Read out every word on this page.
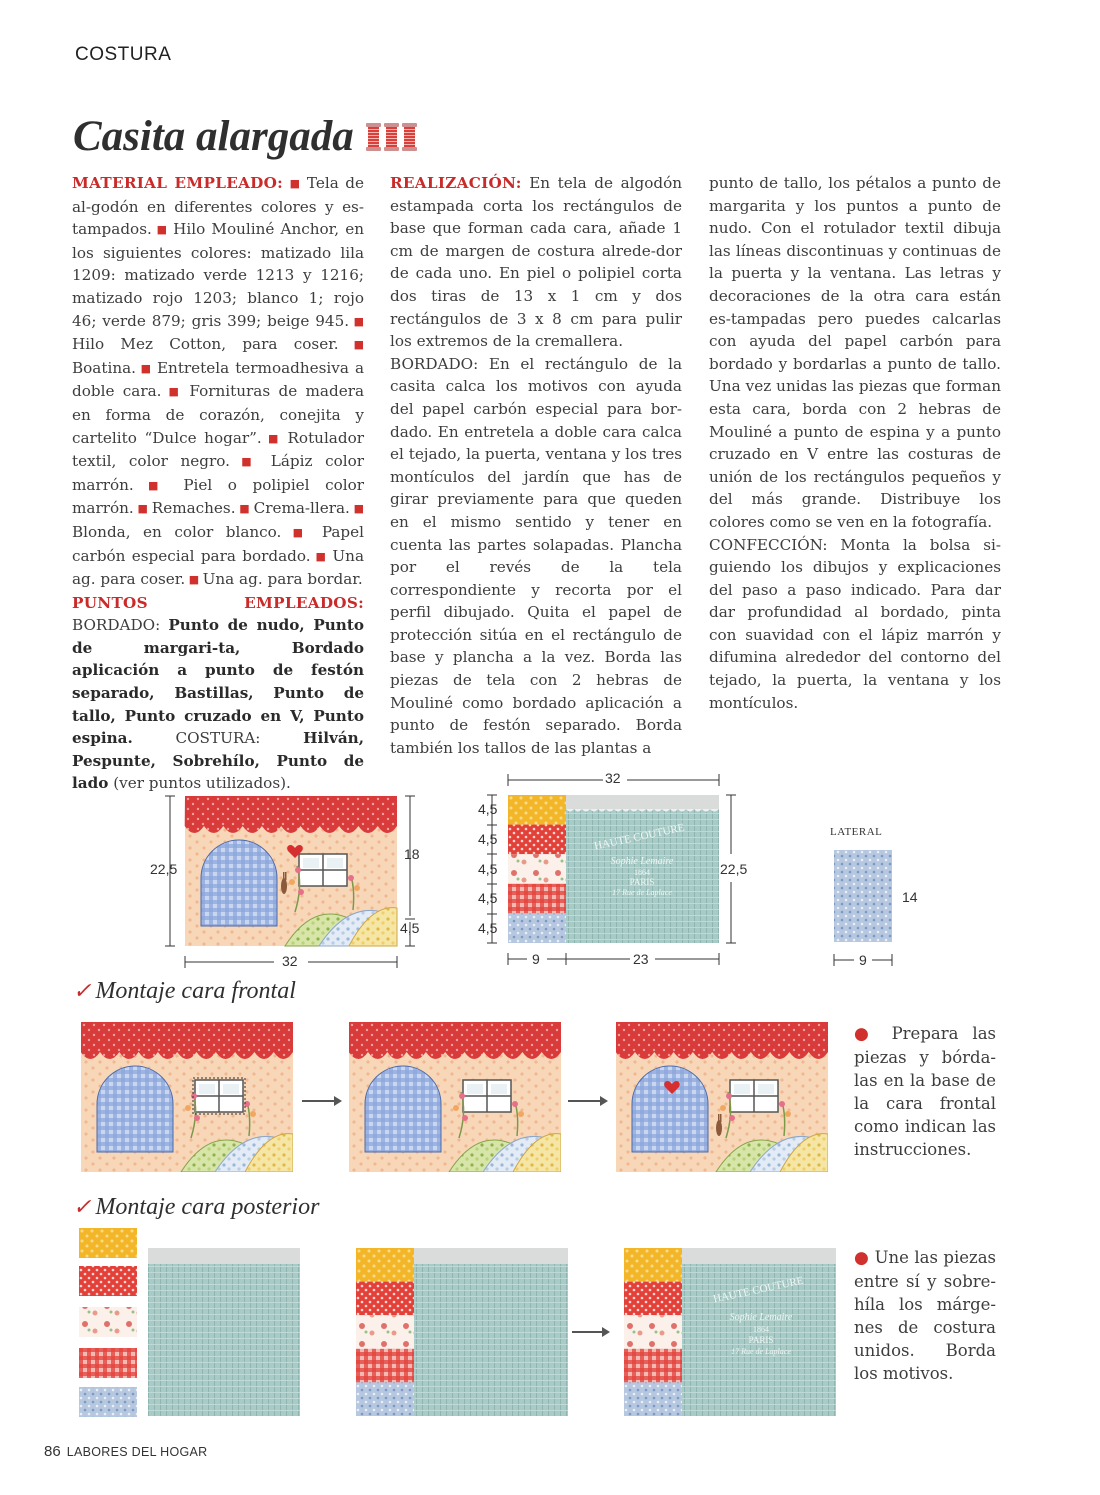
COSTURA
Casita alargada

MATERIAL EMPLEADO: ■ Tela de al-godón en diferentes colores y es-tampados. ■ Hilo Mouliné Anchor, en los siguientes colores: matizado lila 1209: matizado verde 1213 y 1216; matizado rojo 1203; blanco 1; rojo 46; verde 879; gris 399; beige 945. ■ Hilo Mez Cotton, para coser. ■ Boatina. ■ Entretela termoadhesiva a doble cara. ■ Fornituras de madera en forma de corazón, conejita y cartelito “Dulce hogar”. ■ Rotulador textil, color negro. ■ Lápiz color marrón. ■ Piel o polipiel color marrón. ■ Remaches. ■ Crema-llera. ■ Blonda, en color blanco. ■ Papel carbón especial para bordado. ■ Una ag. para coser. ■ Una ag. para bordar.

PUNTOS EMPLEADOS: BORDADO: Punto de nudo, Punto de margari-ta, Bordado aplicación a punto de festón separado, Bastillas, Punto de tallo, Punto cruzado en V, Punto espina.	COSTURA:	Hilván, Pespunte, Sobrehílo, Punto de lado (ver puntos utilizados).

REALIZACIÓN: En tela de algodón estampada corta los rectángulos de base que forman cada cara, añade 1 cm de margen de costura alrede-dor de cada uno. En piel o polipiel corta dos tiras de 13 x 1 cm y dos rectángulos de 3 x 8 cm para pulir los extremos de la cremallera.

BORDADO: En el rectángulo de la casita calca los motivos con ayuda del papel carbón especial para bor-dado. En entretela a doble cara calca el tejado, la puerta, ventana y los tres montículos del jardín que has de girar previamente para que queden en el mismo sentido y tener en cuenta las partes solapadas. Plancha por el revés de la tela correspondiente y recorta por el perfil dibujado. Quita el papel de protección sitúa en el rectángulo de base y plancha a la vez. Borda las piezas de tela con 2 hebras de Mouliné como bordado aplicación a punto de festón separado. Borda también los tallos de las plantas a

punto de tallo, los pétalos a punto de margarita y los puntos a punto de nudo. Con el rotulador textil dibuja las líneas discontinuas y continuas de la puerta y la ventana. Las letras y decoraciones de la otra cara están es-tampadas pero puedes calcarlas con ayuda del papel carbón para bordado y bordarlas a punto de tallo. Una vez unidas las piezas que forman esta cara, borda con 2 hebras de Mouliné a punto de espina y a punto cruzado en V entre las costuras de unión de los rectángulos pequeños y del más grande. Distribuye los colores como se ven en la fotografía.

CONFECCIÓN: Monta la bolsa si-guiendo los dibujos y explicaciones del paso a paso indicado. Para dar dar profundidad al bordado, pinta con suavidad con el lápiz marrón y difumina alrededor del contorno del tejado, la puerta, la ventana y los montículos.

22,5
18
4,5
32
HAUTE COUTURE
Sophie Lemaire
1864
PARIS
17 Rue de Laplace
32
4,5
4,5
4,5
4,5
4,5
22,5
9	23
LATERAL
14
9
✓ Montaje cara frontal
● Prepara las piezas y bórda-las en la base de la cara frontal como indican las instrucciones.
✓ Montaje cara posterior
HAUTE COUTURE
Sophie Lemaire
1864
PARIS
17 Rue de Laplace
● Une las piezas entre sí y sobre-híla los márge-nes de costura unidos. Borda los motivos.
86 LABORES DEL HOGAR
